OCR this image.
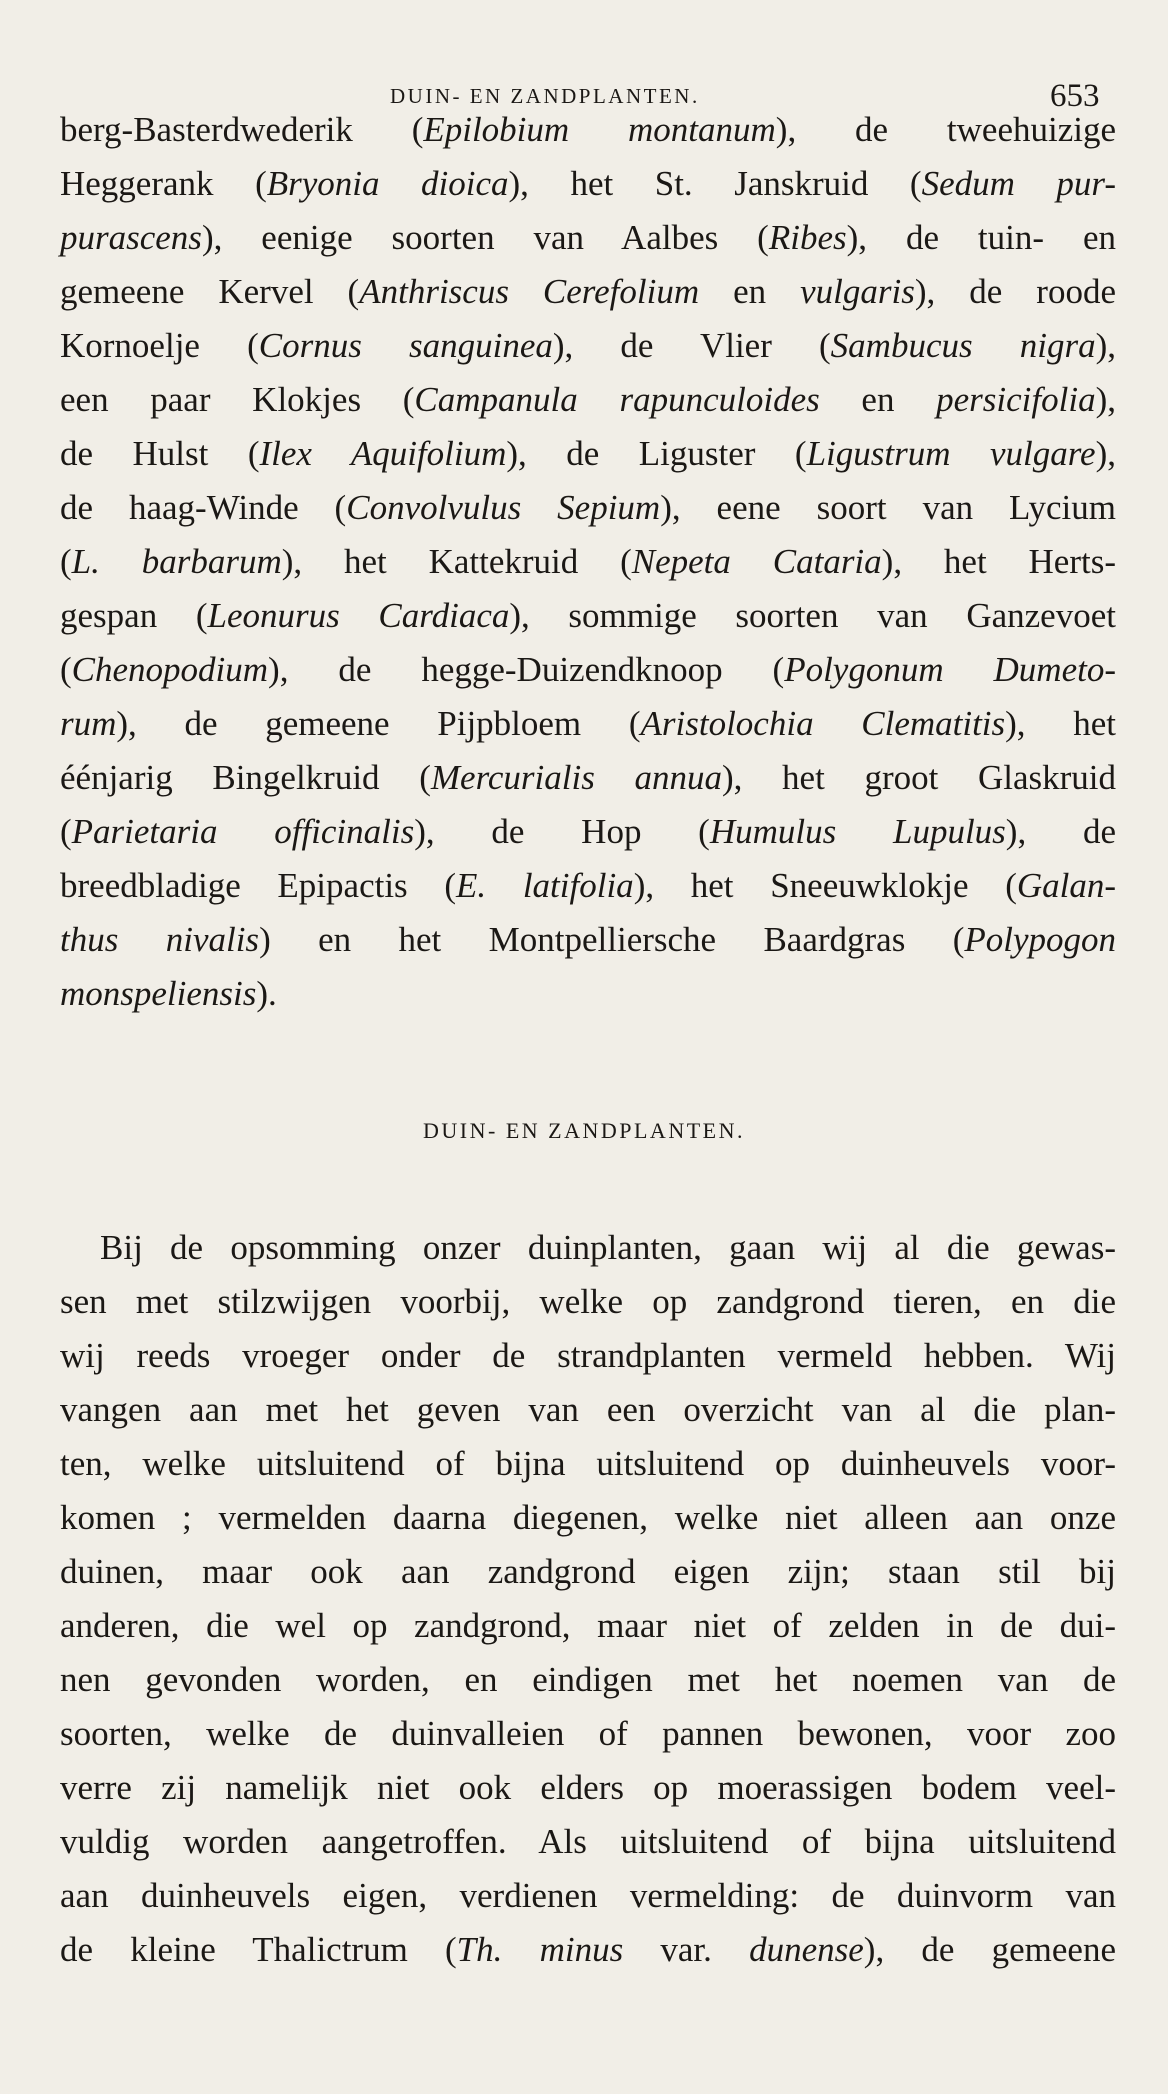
DUIN- EN ZANDPLANTEN.	653
berg-Basterdwederik (Epilobium montanum), de tweehuizige
Heggerank (Bryonia dioica), het St. Janskruid (Sedum pur-
purascens), eenige soorten van Aalbes (Ribes), de tuin- en
gemeene Kervel (Anthriscus Cerefolium en vulgaris), de roode
Kornoelje (Cornus sanguinea), de Vlier (Sambucus nigra),
een paar Klokjes (Campanula rapunculoides en persicifolia),
de Hulst (Ilex Aquifolium), de Liguster (Ligustrum vulgare),
de haag-Winde (Convolvulus Sepium), eene soort van Lycium
(L. barbarum), het Kattekruid (Nepeta Cataria), het Herts-
gespan (Leonurus Cardiaca), sommige soorten van Ganzevoet
(Chenopodium), de hegge-Duizendknoop (Polygonum Dumeto-
rum), de gemeene Pijpbloem (Aristolochia Clematitis), het
éénjarig Bingelkruid (Mercurialis annua), het groot Glaskruid
(Parietaria officinalis), de Hop (Humulus Lupulus), de
breedbladige Epipactis (E. latifolia), het Sneeuwklokje (Galan-
thus nivalis) en het Montpelliersche Baardgras (Polypogon
monspeliensis).
DUIN- EN ZANDPLANTEN.
Bij de opsomming onzer duinplanten, gaan wij al die gewas-
sen met stilzwijgen voorbij, welke op zandgrond tieren, en die
wij reeds vroeger onder de strandplanten vermeld hebben. Wij
vangen aan met het geven van een overzicht van al die plan-
ten, welke uitsluitend of bijna uitsluitend op duinheuvels voor-
komen ; vermelden daarna diegenen, welke niet alleen aan onze
duinen, maar ook aan zandgrond eigen zijn; staan stil bij
anderen, die wel op zandgrond, maar niet of zelden in de dui-
nen gevonden worden, en eindigen met het noemen van de
soorten, welke de duinvalleien of pannen bewonen, voor zoo
verre zij namelijk niet ook elders op moerassigen bodem veel-
vuldig worden aangetroffen. Als uitsluitend of bijna uitsluitend
aan duinheuvels eigen, verdienen vermelding: de duinvorm van
de kleine Thalictrum (Th. minus var. dunense), de gemeene
